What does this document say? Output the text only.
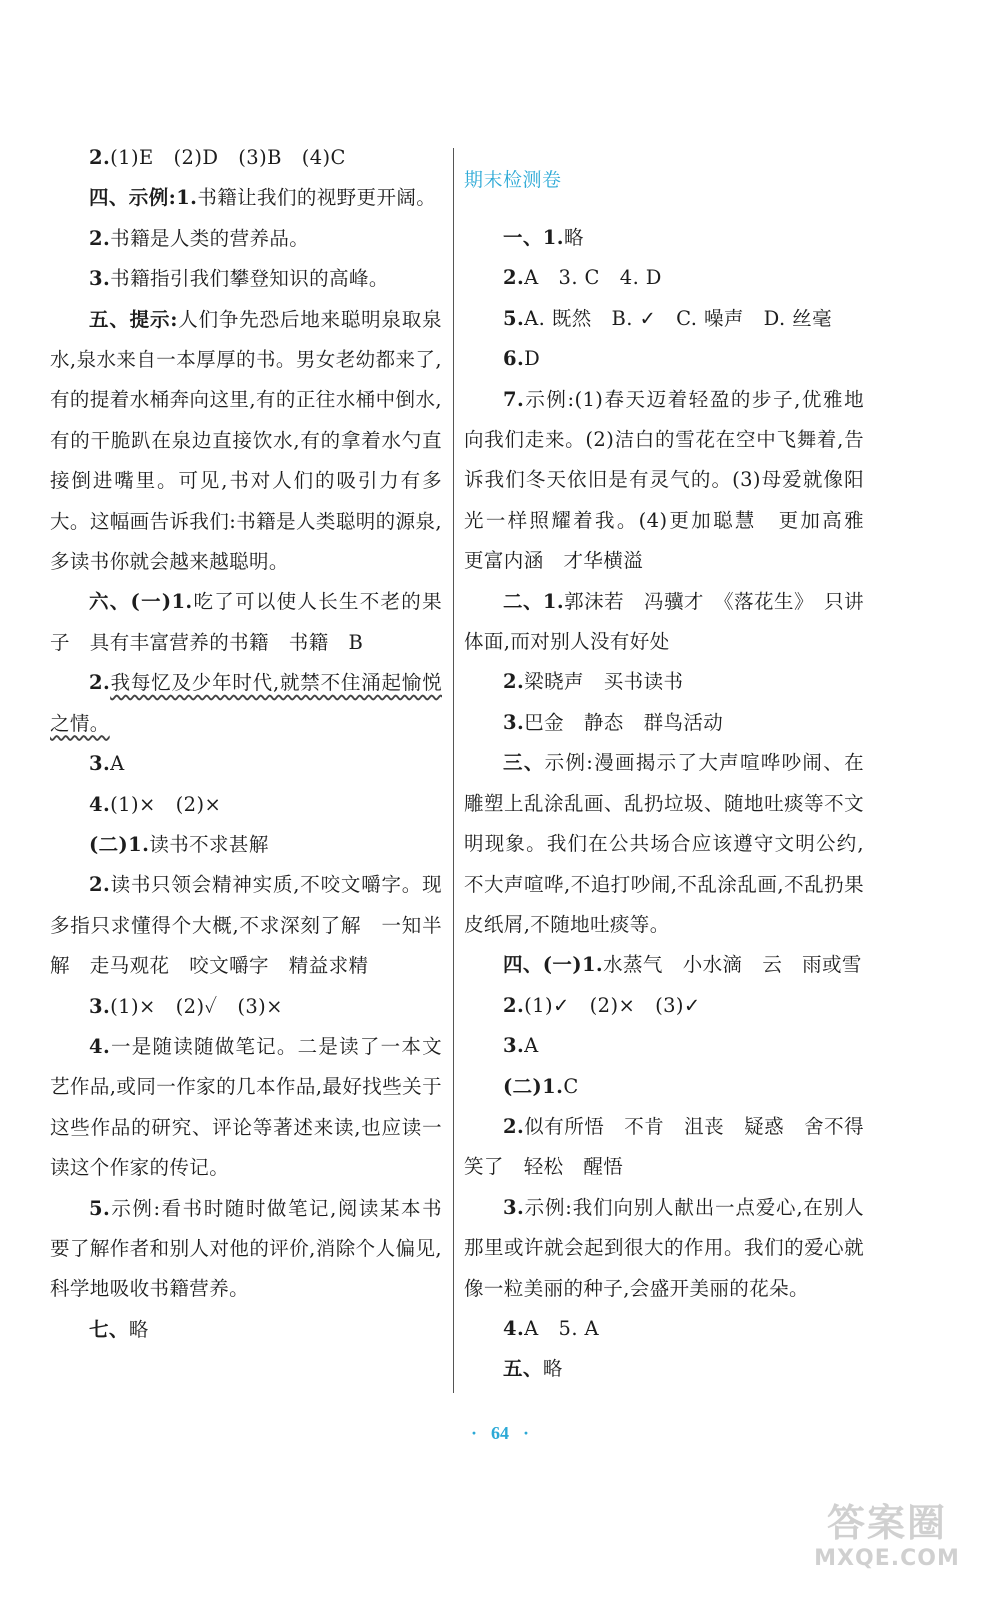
2.(1)E　(2)D　(3)B　(4)C

四、示例:1.书籍让我们的视野更开阔。

2.书籍是人类的营养品。

3.书籍指引我们攀登知识的高峰。

五、提示:人们争先恐后地来聪明泉取泉水,泉水来自一本厚厚的书。男女老幼都来了,有的提着水桶奔向这里,有的正往水桶中倒水,有的干脆趴在泉边直接饮水,有的拿着水勺直接倒进嘴里。可见,书对人们的吸引力有多大。这幅画告诉我们:书籍是人类聪明的源泉,多读书你就会越来越聪明。

六、(一)1.吃了可以使人长生不老的果子　具有丰富营养的书籍　书籍　B

2.我每忆及少年时代,就禁不住涌起愉悦之情。

3.A

4.(1)×　(2)×

(二)1.读书不求甚解

2.读书只领会精神实质,不咬文嚼字。现多指只求懂得个大概,不求深刻了解　一知半解　走马观花　咬文嚼字　精益求精

3.(1)×　(2)✓　(3)×

4.一是随读随做笔记。二是读了一本文艺作品,或同一作家的几本作品,最好找些关于这些作品的研究、评论等著述来读,也应读一读这个作家的传记。

5.示例:看书时随时做笔记,阅读某本书要了解作者和别人对他的评价,消除个人偏见,科学地吸收书籍营养。

七、略

期末检测卷

一、1.略

2.A　3. C　4. D

5.A. 既然　B. ✓　C. 噪声　D. 丝毫

6.D

7.示例:(1)春天迈着轻盈的步子,优雅地向我们走来。(2)洁白的雪花在空中飞舞着,告诉我们冬天依旧是有灵气的。(3)母爱就像阳光一样照耀着我。(4)更加聪慧　更加高雅　更富内涵　才华横溢

二、1.郭沫若　冯骥才　《落花生》　只讲体面,而对别人没有好处

2.梁晓声　买书读书

3.巴金　静态　群鸟活动

三、示例:漫画揭示了大声喧哗吵闹、在雕塑上乱涂乱画、乱扔垃圾、随地吐痰等不文明现象。我们在公共场合应该遵守文明公约,不大声喧哗,不追打吵闹,不乱涂乱画,不乱扔果皮纸屑,不随地吐痰等。

四、(一)1.水蒸气　小水滴　云　雨或雪

2.(1)✓　(2)×　(3)✓

3.A

(二)1.C

2.似有所悟　不肯　沮丧　疑惑　舍不得　笑了　轻松　醒悟

3.示例:我们向别人献出一点爱心,在别人那里或许就会起到很大的作用。我们的爱心就像一粒美丽的种子,会盛开美丽的花朵。

4.A　5. A

五、略

· 64 ·
答案圈
MXQE.COM
